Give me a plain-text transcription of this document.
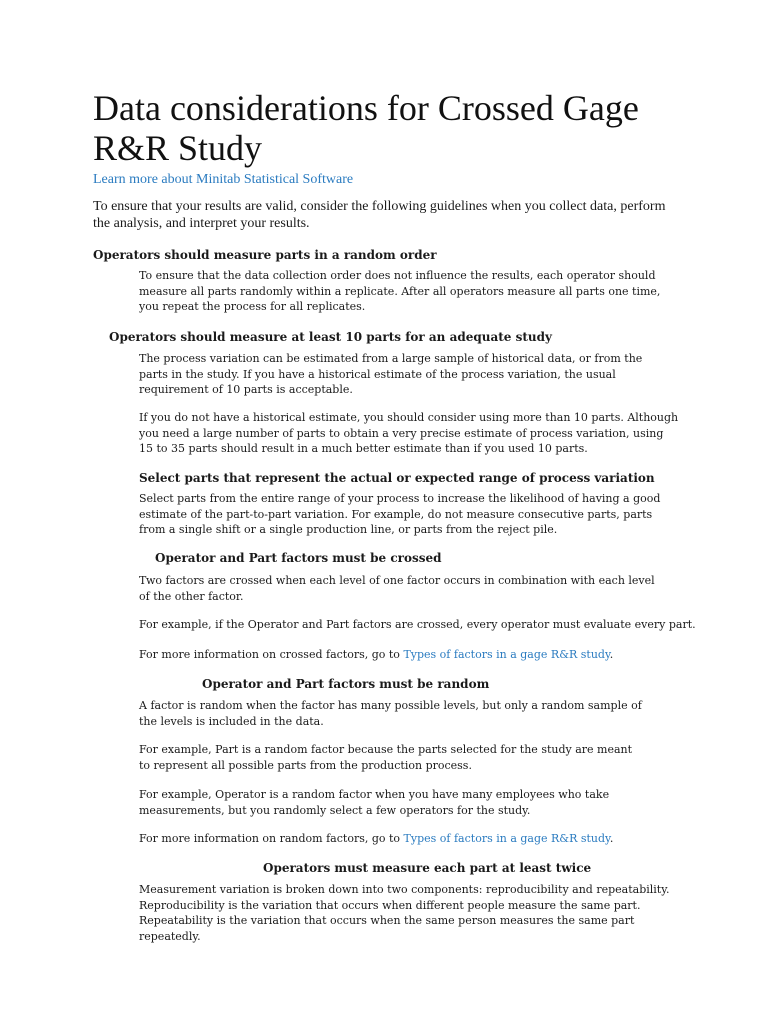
Data considerations for Crossed Gage R&R Study
Learn more about Minitab Statistical Software

To ensure that your results are valid, consider the following guidelines when you collect data, perform the analysis, and interpret your results.

Operators should measure parts in a random order

To ensure that the data collection order does not influence the results, each operator should measure all parts randomly within a replicate. After all operators measure all parts one time, you repeat the process for all replicates.

Operators should measure at least 10 parts for an adequate study

The process variation can be estimated from a large sample of historical data, or from the parts in the study. If you have a historical estimate of the process variation, the usual requirement of 10 parts is acceptable.

If you do not have a historical estimate, you should consider using more than 10 parts. Although you need a large number of parts to obtain a very precise estimate of process variation, using 15 to 35 parts should result in a much better estimate than if you used 10 parts.

Select parts that represent the actual or expected range of process variation

Select parts from the entire range of your process to increase the likelihood of having a good estimate of the part-to-part variation. For example, do not measure consecutive parts, parts from a single shift or a single production line, or parts from the reject pile.

Operator and Part factors must be crossed

Two factors are crossed when each level of one factor occurs in combination with each level of the other factor.

For example, if the Operator and Part factors are crossed, every operator must evaluate every part.

For more information on crossed factors, go to Types of factors in a gage R&R study.

Operator and Part factors must be random

A factor is random when the factor has many possible levels, but only a random sample of the levels is included in the data.

For example, Part is a random factor because the parts selected for the study are meant to represent all possible parts from the production process.

For example, Operator is a random factor when you have many employees who take measurements, but you randomly select a few operators for the study.

For more information on random factors, go to Types of factors in a gage R&R study.

Operators must measure each part at least twice

Measurement variation is broken down into two components: reproducibility and repeatability. Reproducibility is the variation that occurs when different people measure the same part. Repeatability is the variation that occurs when the same person measures the same part repeatedly.
